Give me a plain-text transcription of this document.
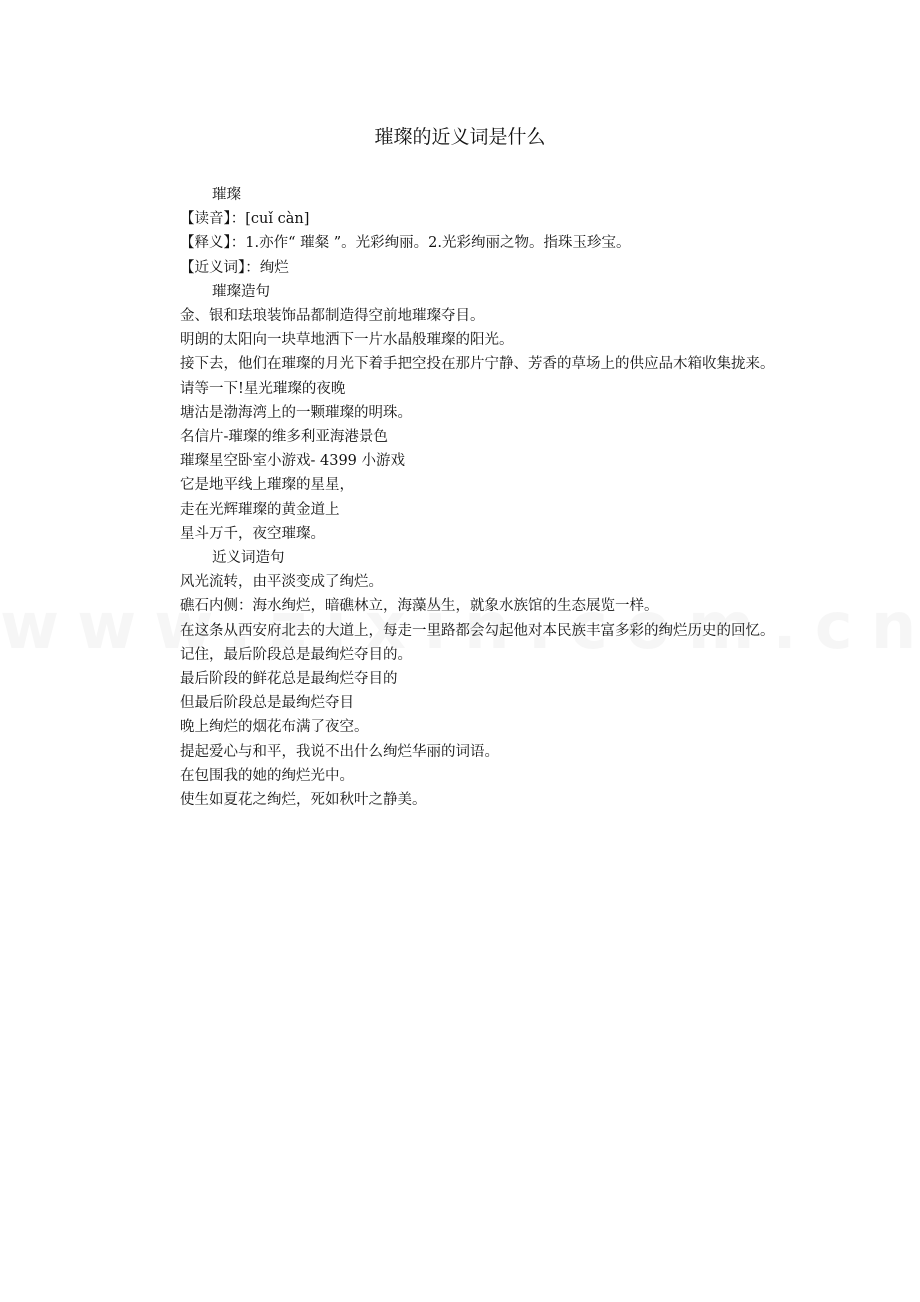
璀璨的近义词是什么

璀璨

【读音】：[cuǐ càn]

【释义】：1.亦作“ 璀粲 ”。光彩绚丽。2.光彩绚丽之物。指珠玉珍宝。

【近义词】：绚烂

璀璨造句

金、银和珐琅装饰品都制造得空前地璀璨夺目。

明朗的太阳向一块草地洒下一片水晶般璀璨的阳光。

接下去，他们在璀璨的月光下着手把空投在那片宁静、芳香的草场上的供应品木箱收集拢来。

请等一下!星光璀璨的夜晚

塘沽是渤海湾上的一颗璀璨的明珠。

名信片-璀璨的维多利亚海港景色

璀璨星空卧室小游戏- 4399 小游戏

它是地平线上璀璨的星星，

走在光辉璀璨的黄金道上

星斗万千，夜空璀璨。

近义词造句

风光流转，由平淡变成了绚烂。

礁石内侧：海水绚烂，暗礁林立，海藻丛生，就象水族馆的生态展览一样。

在这条从西安府北去的大道上，每走一里路都会勾起他对本民族丰富多彩的绚烂历史的回忆。

记住，最后阶段总是最绚烂夺目的。

最后阶段的鲜花总是最绚烂夺目的

但最后阶段总是最绚烂夺目

晚上绚烂的烟花布满了夜空。

提起爱心与和平，我说不出什么绚烂华丽的词语。

在包围我的她的绚烂光中。

使生如夏花之绚烂，死如秋叶之静美。
